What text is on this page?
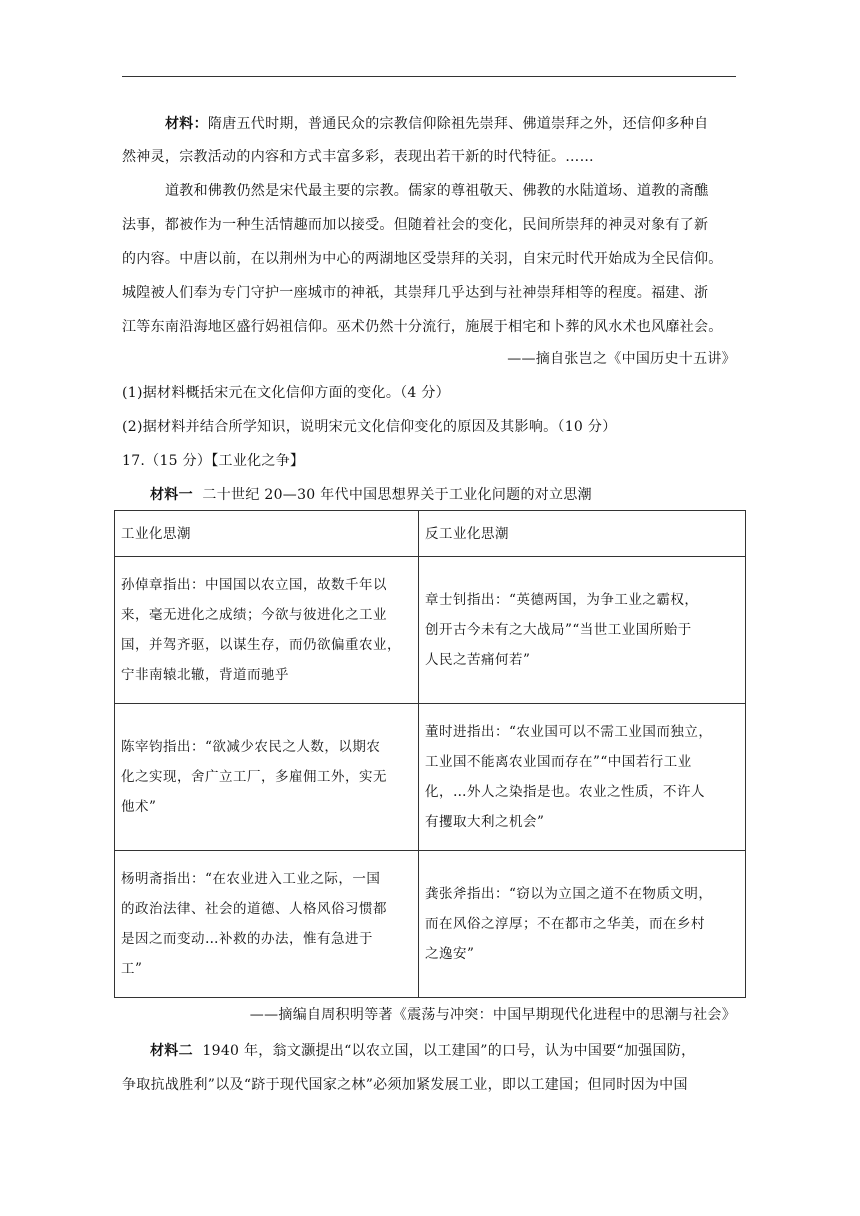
材料：隋唐五代时期，普通民众的宗教信仰除祖先崇拜、佛道崇拜之外，还信仰多种自
然神灵，宗教活动的内容和方式丰富多彩，表现出若干新的时代特征。……
道教和佛教仍然是宋代最主要的宗教。儒家的尊祖敬天、佛教的水陆道场、道教的斋醮
法事，都被作为一种生活情趣而加以接受。但随着社会的变化，民间所崇拜的神灵对象有了新
的内容。中唐以前，在以荆州为中心的两湖地区受崇拜的关羽，自宋元时代开始成为全民信仰。
城隍被人们奉为专门守护一座城市的神祇，其崇拜几乎达到与社神崇拜相等的程度。福建、浙
江等东南沿海地区盛行妈祖信仰。巫术仍然十分流行，施展于相宅和卜葬的风水术也风靡社会。
——摘自张岂之《中国历史十五讲》
(1)据材料概括宋元在文化信仰方面的变化。（4 分）
(2)据材料并结合所学知识，说明宋元文化信仰变化的原因及其影响。（10 分）
17.（15 分）【工业化之争】
材料一 二十世纪 20—30 年代中国思想界关于工业化问题的对立思潮
工业化思潮	反工业化思潮

孙倬章指出：中国国以农立国，故数千年以
来，毫无进化之成绩；今欲与彼进化之工业
国，并驾齐驱，以谋生存，而仍欲偏重农业，
宁非南辕北辙，背道而驰乎	章士钊指出：“英德两国，为争工业之霸权，
创开古今未有之大战局”“当世工业国所贻于
人民之苦痛何若”

陈宰钧指出：“欲减少农民之人数，以期农
化之实现，舍广立工厂，多雇佣工外，实无
他术”	董时进指出：“农业国可以不需工业国而独立，
工业国不能离农业国而存在”“中国若行工业
化，…外人之染指是也。农业之性质，不许人
有攫取大利之机会”

杨明斋指出：“在农业进入工业之际，一国
的政治法律、社会的道德、人格风俗习惯都
是因之而变动…补救的办法，惟有急进于
工”	龚张斧指出：“窃以为立国之道不在物质文明，
而在风俗之淳厚；不在都市之华美，而在乡村
之逸安”
——摘编自周积明等著《震荡与冲突：中国早期现代化进程中的思潮与社会》
材料二 1940 年，翁文灏提出“以农立国，以工建国”的口号，认为中国要“加强国防，
争取抗战胜利”以及“跻于现代国家之林”必须加紧发展工业，即以工建国；但同时因为中国
